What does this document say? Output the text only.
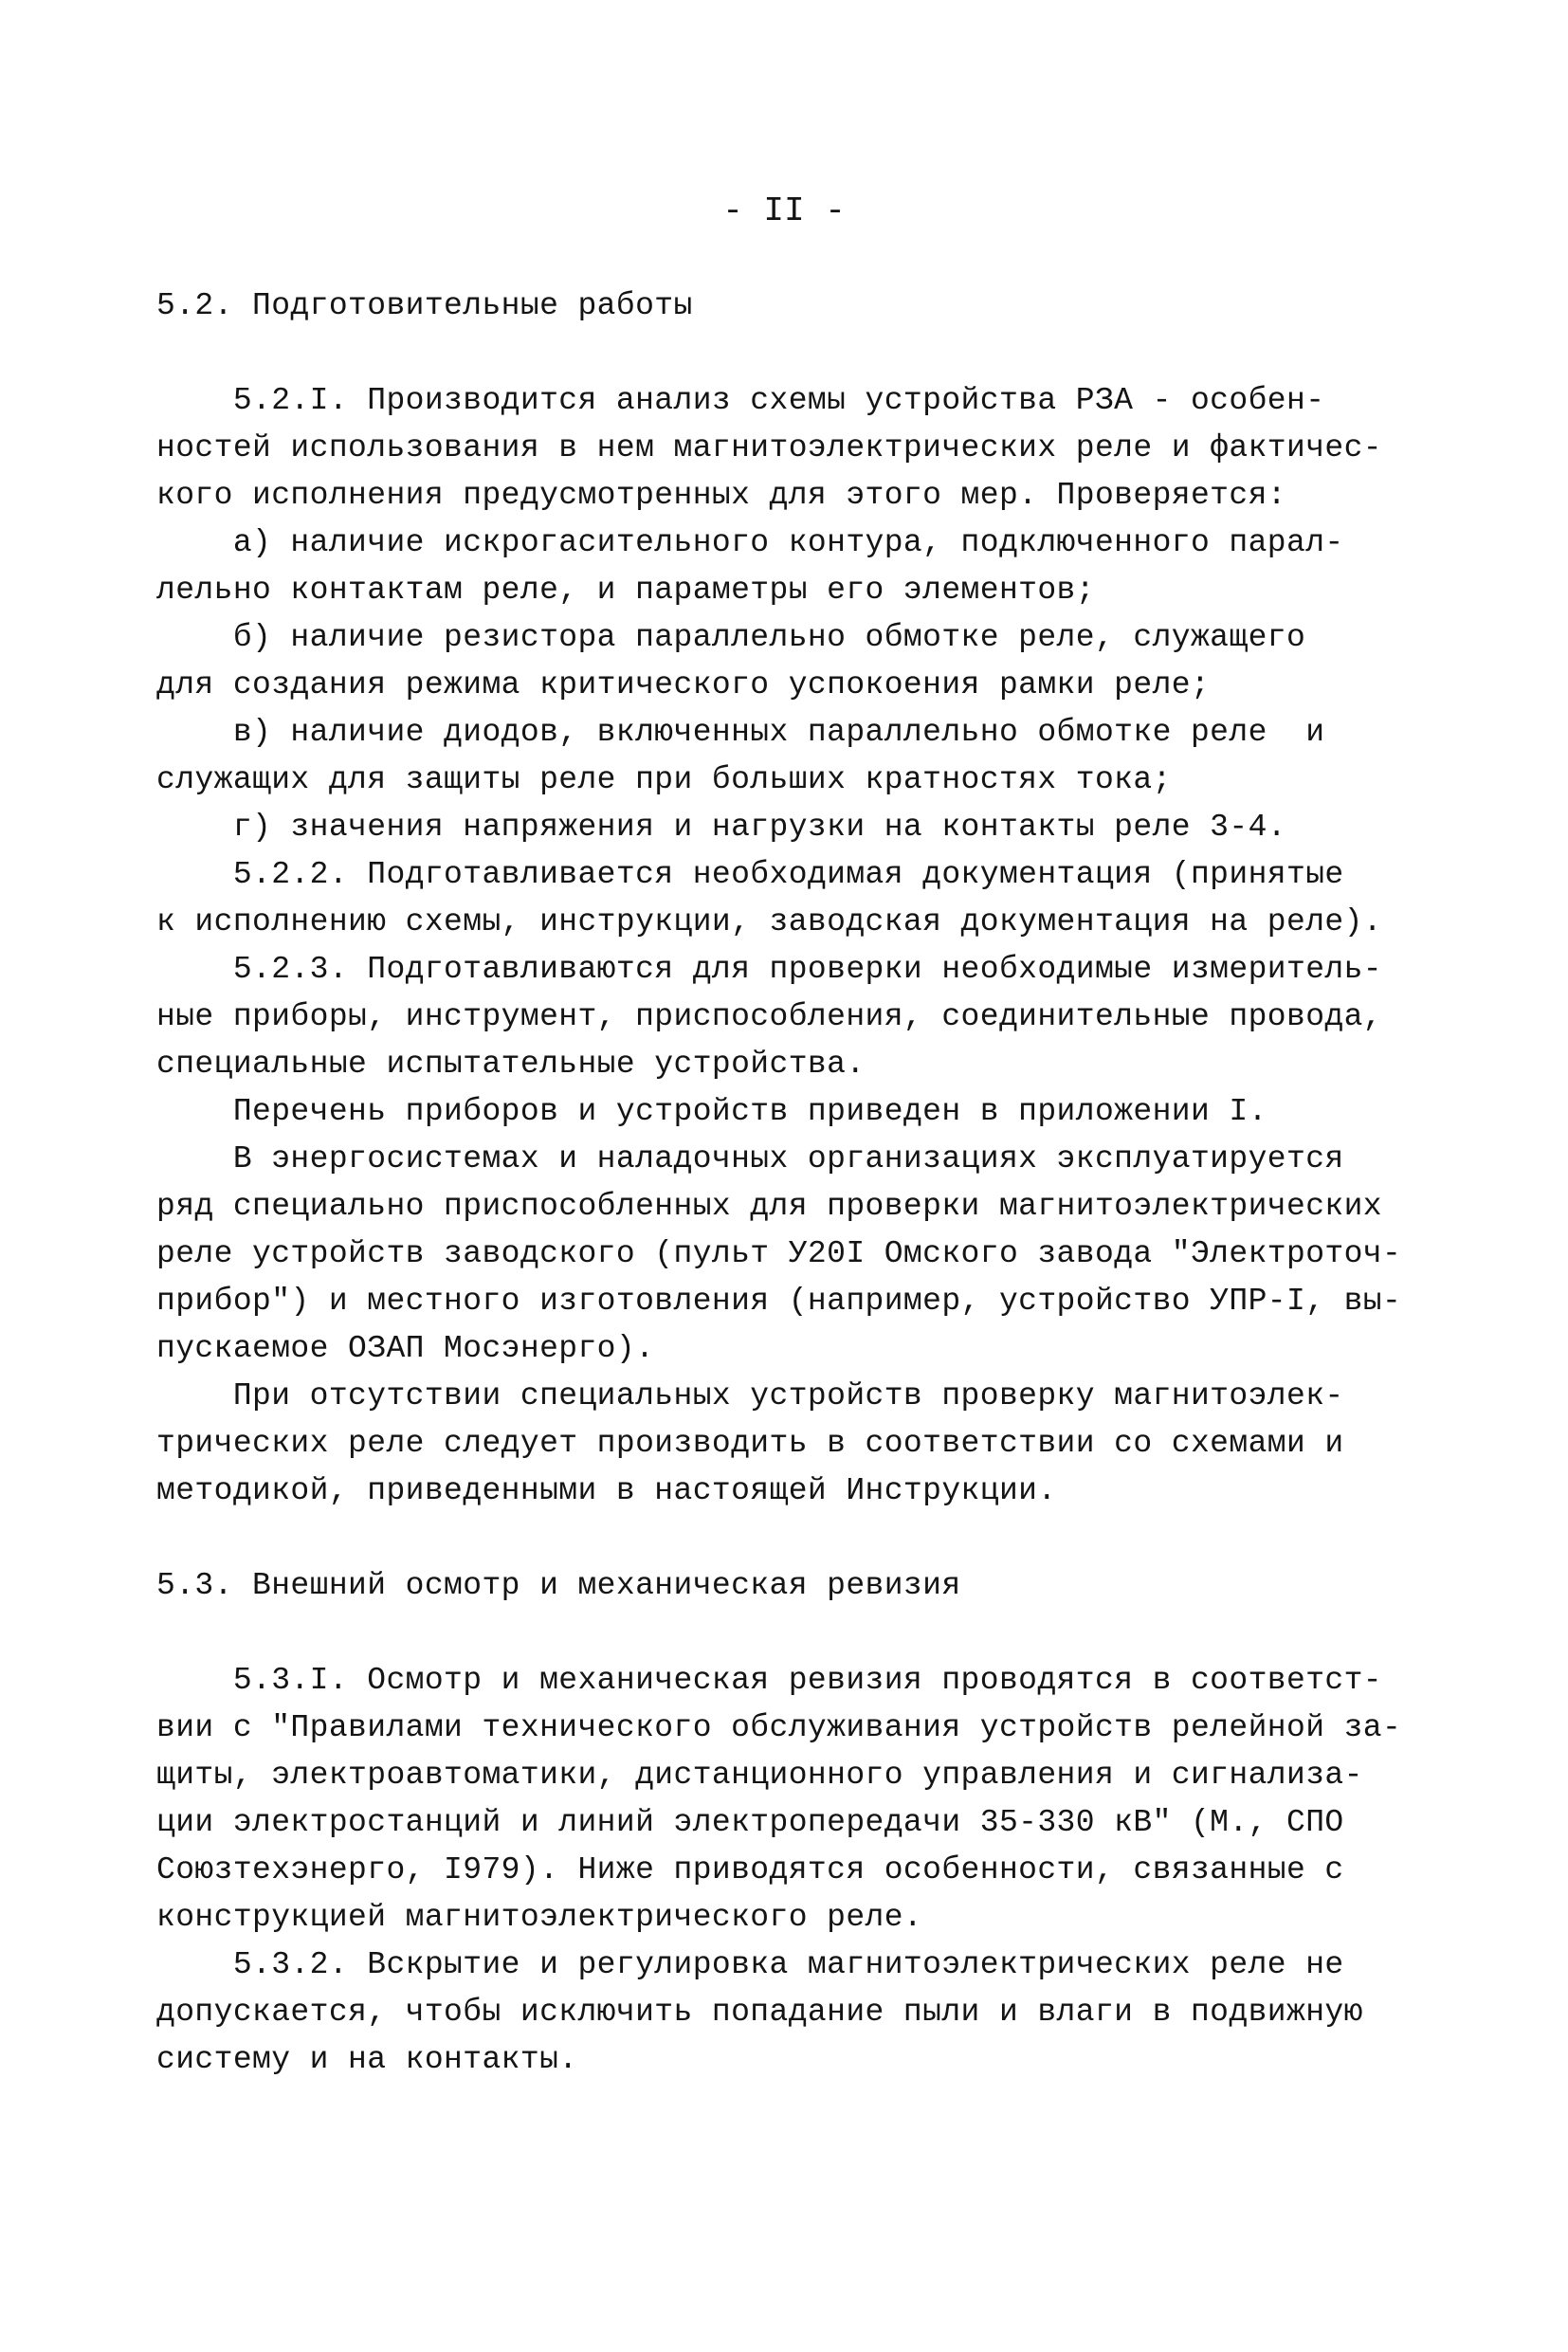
- II -
5.2. Подготовительные работы
5.2.I. Производится анализ схемы устройства РЗА - особен-
ностей использования в нем магнитоэлектрических реле и фактичес-
кого исполнения предусмотренных для этого мер. Проверяется:
а) наличие искрогасительного контура, подключенного парал-
лельно контактам реле, и параметры его элементов;
б) наличие резистора параллельно обмотке реле, служащего
для создания режима критического успокоения рамки реле;
в) наличие диодов, включенных параллельно обмотке реле  и
служащих для защиты реле при больших кратностях тока;
г) значения напряжения и нагрузки на контакты реле 3-4.
5.2.2. Подготавливается необходимая документация (принятые
к исполнению схемы, инструкции, заводская документация на реле).
5.2.3. Подготавливаются для проверки необходимые измеритель-
ные приборы, инструмент, приспособления, соединительные провода,
специальные испытательные устройства.
Перечень приборов и устройств приведен в приложении I.
В энергосистемах и наладочных организациях эксплуатируется
ряд специально приспособленных для проверки магнитоэлектрических
реле устройств заводского (пульт У20I Омского завода "Электроточ-
прибор") и местного изготовления (например, устройство УПР-I, вы-
пускаемое ОЗАП Мосэнерго).
При отсутствии специальных устройств проверку магнитоэлек-
трических реле следует производить в соответствии со схемами и
методикой, приведенными в настоящей Инструкции.
5.3. Внешний осмотр и механическая ревизия
5.3.I. Осмотр и механическая ревизия проводятся в соответст-
вии с "Правилами технического обслуживания устройств релейной за-
щиты, электроавтоматики, дистанционного управления и сигнализа-
ции электростанций и линий электропередачи 35-330 кВ" (М., СПО
Союзтехэнерго, I979). Ниже приводятся особенности, связанные с
конструкцией магнитоэлектрического реле.
5.3.2. Вскрытие и регулировка магнитоэлектрических реле не
допускается, чтобы исключить попадание пыли и влаги в подвижную
систему и на контакты.
